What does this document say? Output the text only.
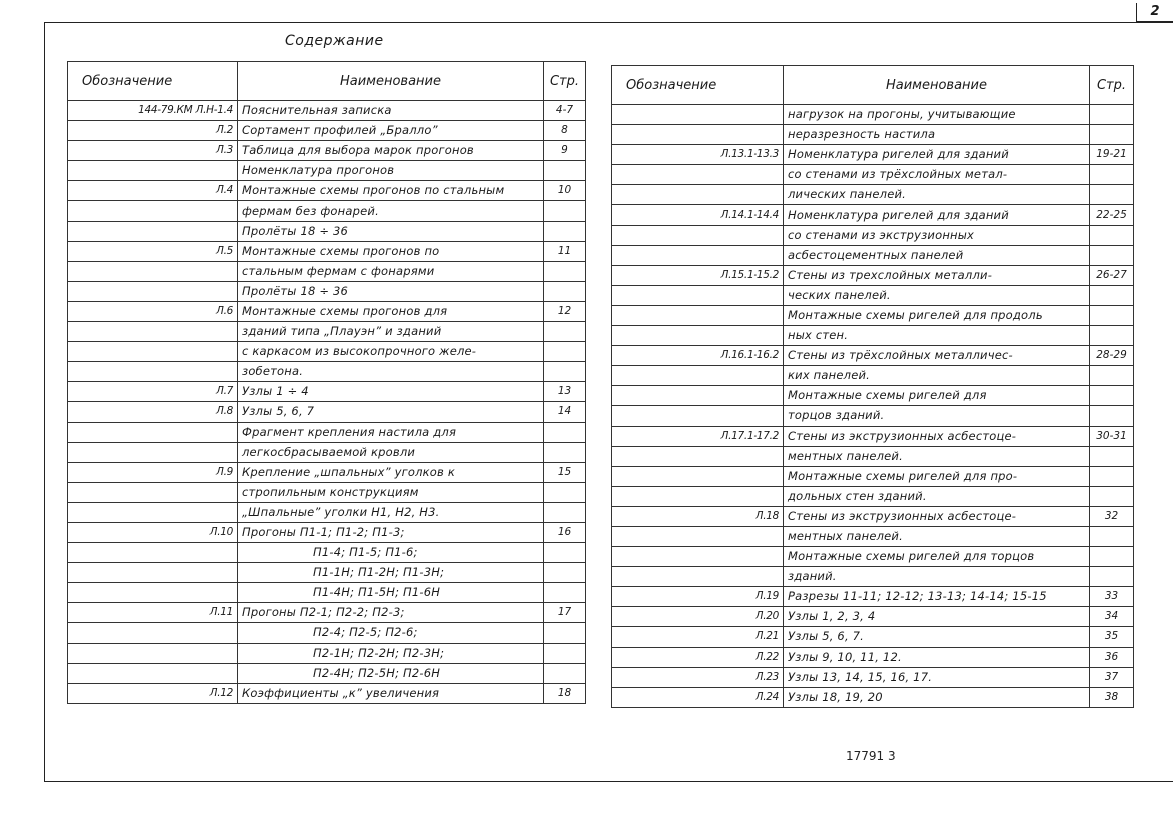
2
Содержание
Обозначение	Наименование	Стр.
144-79.КМ Л.Н-1.4	Пояснительная записка	4-7
Л.2	Сортамент профилей „Бралло”	8
Л.3	Таблица для выбора марок прогонов	9
	Номенклатура прогонов	
Л.4	Монтажные схемы прогонов по стальным	10
	фермам без фонарей.	
	Пролёты 18 ÷ 36	
Л.5	Монтажные схемы прогонов по	11
	стальным фермам с фонарями	
	Пролёты 18 ÷ 36	
Л.6	Монтажные схемы прогонов для	12
	зданий типа „Плауэн” и зданий	
	с каркасом из высокопрочного желе-	
	зобетона.	
Л.7	Узлы 1 ÷ 4	13
Л.8	Узлы 5, 6, 7	14
	Фрагмент крепления настила для	
	легкосбрасываемой кровли	
Л.9	Крепление „шпальных” уголков к	15
	стропильным конструкциям	
	„Шпальные” уголки Н1, Н2, Н3.	
Л.10	Прогоны П1-1; П1-2; П1-3;	16
	П1-4; П1-5; П1-6;	
	П1-1Н; П1-2Н; П1-3Н;	
	П1-4Н; П1-5Н; П1-6Н	
Л.11	Прогоны П2-1; П2-2; П2-3;	17
	П2-4; П2-5; П2-6;	
	П2-1Н; П2-2Н; П2-3Н;	
	П2-4Н; П2-5Н; П2-6Н	
Л.12	Коэффициенты „к” увеличения	18
Обозначение	Наименование	Стр.
	нагрузок на прогоны, учитывающие	
	неразрезность настила	
Л.13.1-13.3	Номенклатура ригелей для зданий	19-21
	со стенами из трёхслойных метал-	
	лических панелей.	
Л.14.1-14.4	Номенклатура ригелей для зданий	22-25
	со стенами из экструзионных	
	асбестоцементных панелей	
Л.15.1-15.2	Стены из трехслойных металли-	26-27
	ческих панелей.	
	Монтажные схемы ригелей для продоль	
	ных стен.	
Л.16.1-16.2	Стены из трёхслойных металличес-	28-29
	ких панелей.	
	Монтажные схемы ригелей для	
	торцов зданий.	
Л.17.1-17.2	Стены из экструзионных асбестоце-	30-31
	ментных панелей.	
	Монтажные схемы ригелей для про-	
	дольных стен зданий.	
Л.18	Стены из экструзионных асбестоце-	32
	ментных панелей.	
	Монтажные схемы ригелей для торцов	
	зданий.	
Л.19	Разрезы 11-11; 12-12; 13-13; 14-14; 15-15	33
Л.20	Узлы 1, 2, 3, 4	34
Л.21	Узлы 5, 6, 7.	35
Л.22	Узлы 9, 10, 11, 12.	36
Л.23	Узлы 13, 14, 15, 16, 17.	37
Л.24	Узлы 18, 19, 20	38
17791 3
